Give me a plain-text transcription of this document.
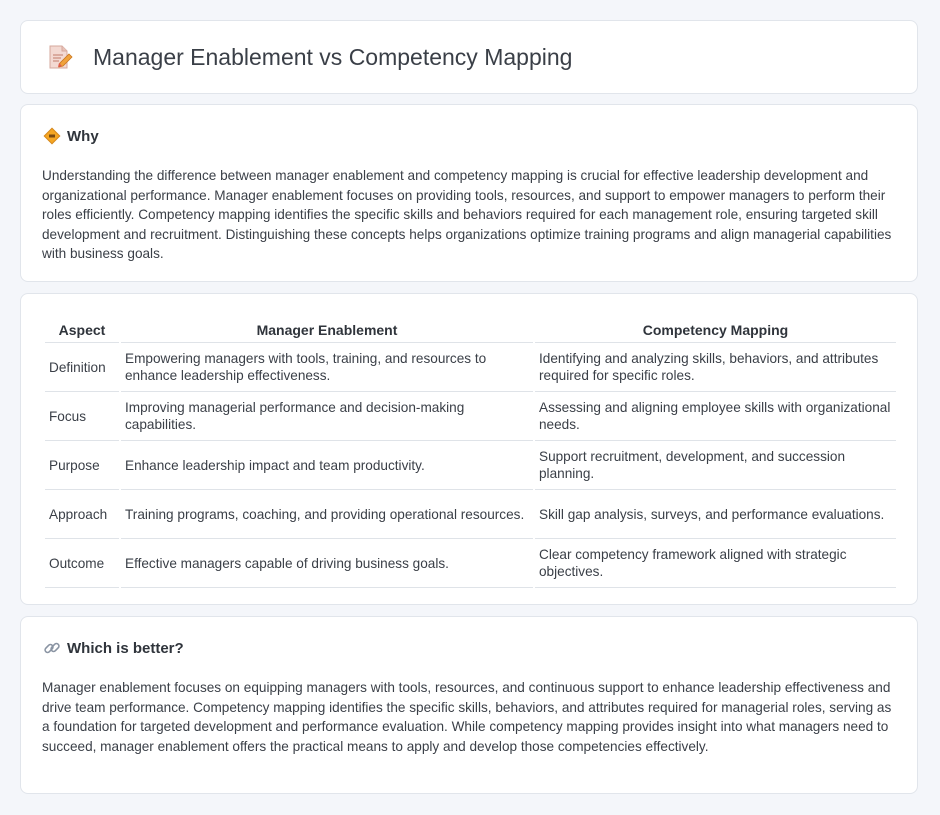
Manager Enablement vs Competency Mapping
Why

Understanding the difference between manager enablement and competency mapping is crucial for effective leadership development and organizational performance. Manager enablement focuses on providing tools, resources, and support to empower managers to perform their roles efficiently. Competency mapping identifies the specific skills and behaviors required for each management role, ensuring targeted skill development and recruitment. Distinguishing these concepts helps organizations optimize training programs and align managerial capabilities with business goals.

Aspect	Manager Enablement	Competency Mapping
Definition	Empowering managers with tools, training, and resources to enhance leadership effectiveness.	Identifying and analyzing skills, behaviors, and attributes required for specific roles.
Focus	Improving managerial performance and decision-making capabilities.	Assessing and aligning employee skills with organizational needs.
Purpose	Enhance leadership impact and team productivity.	Support recruitment, development, and succession planning.
Approach	Training programs, coaching, and providing operational resources.	Skill gap analysis, surveys, and performance evaluations.
Outcome	Effective managers capable of driving business goals.	Clear competency framework aligned with strategic objectives.
Which is better?

Manager enablement focuses on equipping managers with tools, resources, and continuous support to enhance leadership effectiveness and drive team performance. Competency mapping identifies the specific skills, behaviors, and attributes required for managerial roles, serving as a foundation for targeted development and performance evaluation. While competency mapping provides insight into what managers need to succeed, manager enablement offers the practical means to apply and develop those competencies effectively.
